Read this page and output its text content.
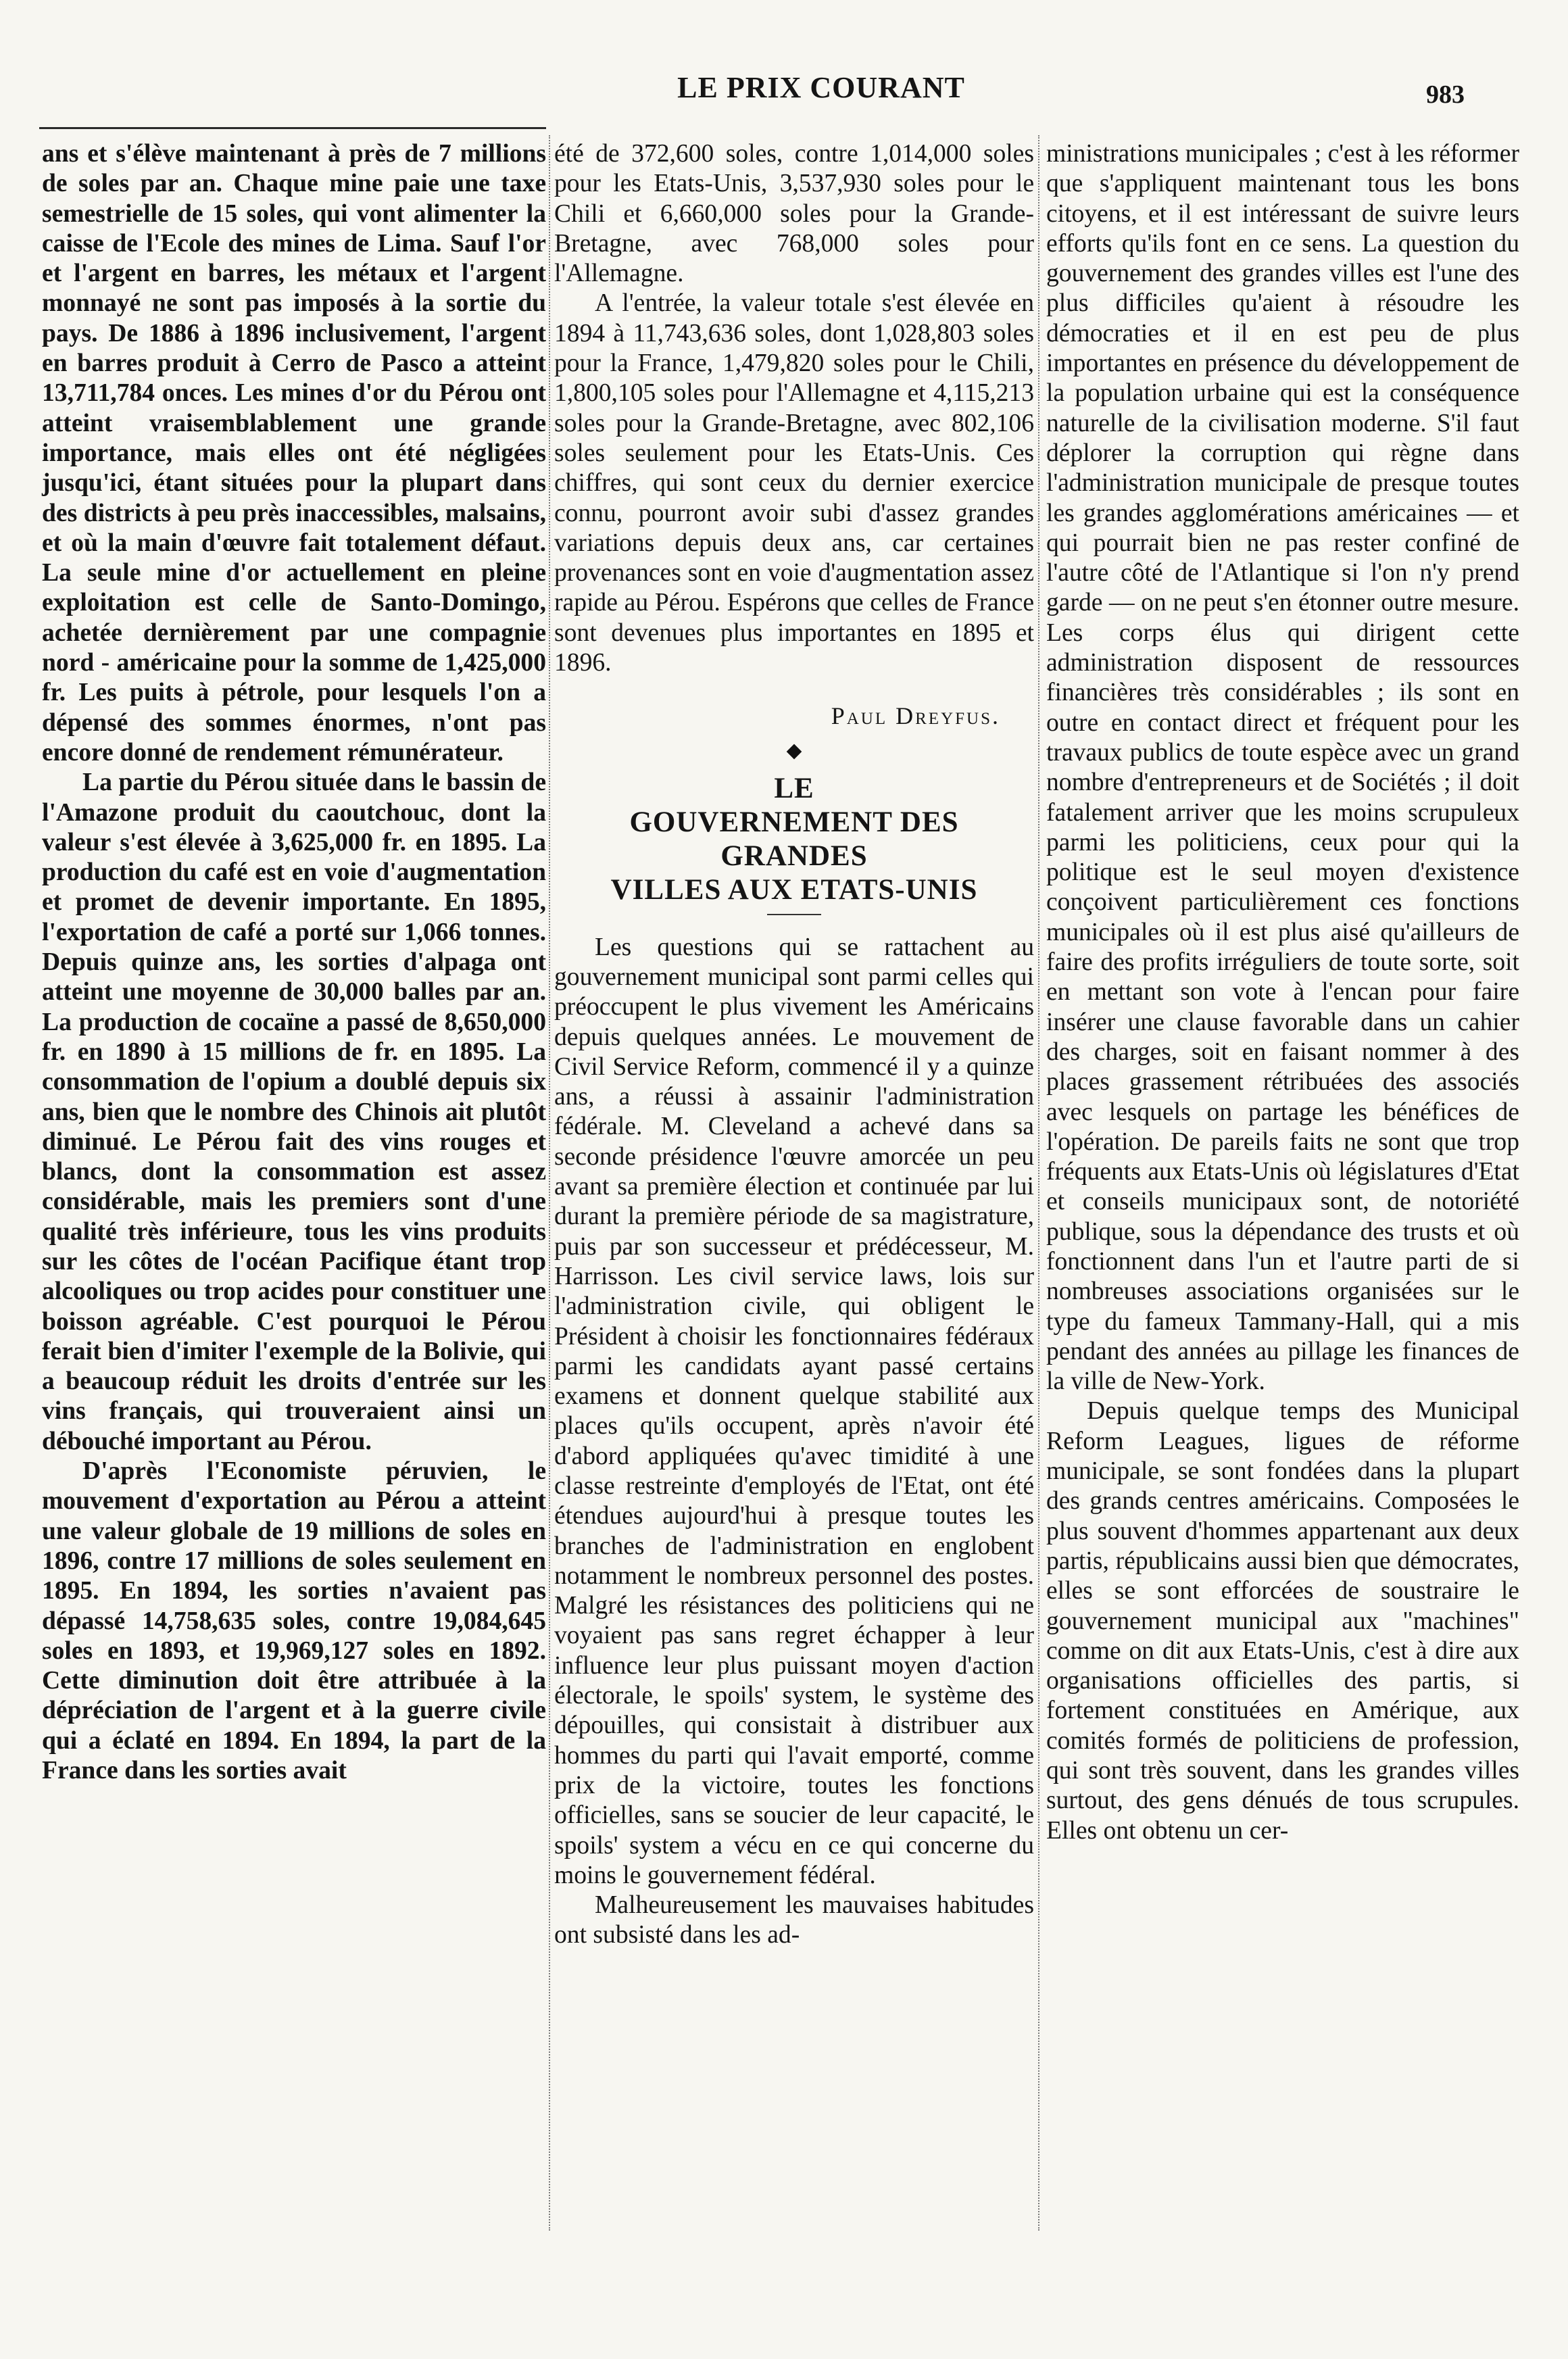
LE PRIX COURANT	983

ans et s'élève maintenant à près de 7 millions de soles par an. Chaque mine paie une taxe semestrielle de 15 soles, qui vont alimenter la caisse de l'Ecole des mines de Lima. Sauf l'or et l'argent en barres, les métaux et l'argent monnayé ne sont pas imposés à la sortie du pays. De 1886 à 1896 inclusivement, l'argent en barres produit à Cerro de Pasco a atteint 13,711,784 onces. Les mines d'or du Pérou ont atteint vraisemblablement une grande importance, mais elles ont été négligées jusqu'ici, étant situées pour la plupart dans des districts à peu près inaccessibles, malsains, et où la main d'œuvre fait totalement défaut. La seule mine d'or actuellement en pleine exploitation est celle de Santo-Domingo, achetée dernièrement par une compagnie nord - américaine pour la somme de 1,425,000 fr. Les puits à pétrole, pour lesquels l'on a dépensé des sommes énormes, n'ont pas encore donné de rendement rémunérateur.

La partie du Pérou située dans le bassin de l'Amazone produit du caoutchouc, dont la valeur s'est élevée à 3,625,000 fr. en 1895. La production du café est en voie d'augmentation et promet de devenir importante. En 1895, l'exportation de café a porté sur 1,066 tonnes. Depuis quinze ans, les sorties d'alpaga ont atteint une moyenne de 30,000 balles par an. La production de cocaïne a passé de 8,650,000 fr. en 1890 à 15 millions de fr. en 1895. La consommation de l'opium a doublé depuis six ans, bien que le nombre des Chinois ait plutôt diminué. Le Pérou fait des vins rouges et blancs, dont la consommation est assez considérable, mais les premiers sont d'une qualité très inférieure, tous les vins produits sur les côtes de l'océan Pacifique étant trop alcooliques ou trop acides pour constituer une boisson agréable. C'est pourquoi le Pérou ferait bien d'imiter l'exemple de la Bolivie, qui a beaucoup réduit les droits d'entrée sur les vins français, qui trouveraient ainsi un débouché important au Pérou.

D'après l'Economiste péruvien, le mouvement d'exportation au Pérou a atteint une valeur globale de 19 millions de soles en 1896, contre 17 millions de soles seulement en 1895. En 1894, les sorties n'avaient pas dépassé 14,758,635 soles, contre 19,084,645 soles en 1893, et 19,969,127 soles en 1892. Cette diminution doit être attribuée à la dépréciation de l'argent et à la guerre civile qui a éclaté en 1894. En 1894, la part de la France dans les sorties avait

été de 372,600 soles, contre 1,014,000 soles pour les Etats-Unis, 3,537,930 soles pour le Chili et 6,660,000 soles pour la Grande-Bretagne, avec 768,000 soles pour l'Allemagne.

A l'entrée, la valeur totale s'est élevée en 1894 à 11,743,636 soles, dont 1,028,803 soles pour la France, 1,479,820 soles pour le Chili, 1,800,105 soles pour l'Allemagne et 4,115,213 soles pour la Grande-Bretagne, avec 802,106 soles seulement pour les Etats-Unis. Ces chiffres, qui sont ceux du dernier exercice connu, pourront avoir subi d'assez grandes variations depuis deux ans, car certaines provenances sont en voie d'augmentation assez rapide au Pérou. Espérons que celles de France sont devenues plus importantes en 1895 et 1896.

Paul Dreyfus.
LE
GOUVERNEMENT DES GRANDES
VILLES AUX ETATS-UNIS

Les questions qui se rattachent au gouvernement municipal sont parmi celles qui préoccupent le plus vivement les Américains depuis quelques années. Le mouvement de Civil Service Reform, commencé il y a quinze ans, a réussi à assainir l'administration fédérale. M. Cleveland a achevé dans sa seconde présidence l'œuvre amorcée un peu avant sa première élection et continuée par lui durant la première période de sa magistrature, puis par son successeur et prédécesseur, M. Harrisson. Les civil service laws, lois sur l'administration civile, qui obligent le Président à choisir les fonctionnaires fédéraux parmi les candidats ayant passé certains examens et donnent quelque stabilité aux places qu'ils occupent, après n'avoir été d'abord appliquées qu'avec timidité à une classe restreinte d'employés de l'Etat, ont été étendues aujourd'hui à presque toutes les branches de l'administration en englobent notamment le nombreux personnel des postes. Malgré les résistances des politiciens qui ne voyaient pas sans regret échapper à leur influence leur plus puissant moyen d'action électorale, le spoils' system, le système des dépouilles, qui consistait à distribuer aux hommes du parti qui l'avait emporté, comme prix de la victoire, toutes les fonctions officielles, sans se soucier de leur capacité, le spoils' system a vécu en ce qui concerne du moins le gouvernement fédéral.

Malheureusement les mauvaises habitudes ont subsisté dans les ad-

ministrations municipales ; c'est à les réformer que s'appliquent maintenant tous les bons citoyens, et il est intéressant de suivre leurs efforts qu'ils font en ce sens. La question du gouvernement des grandes villes est l'une des plus difficiles qu'aient à résoudre les démocraties et il en est peu de plus importantes en présence du développement de la population urbaine qui est la conséquence naturelle de la civilisation moderne. S'il faut déplorer la corruption qui règne dans l'administration municipale de presque toutes les grandes agglomérations américaines — et qui pourrait bien ne pas rester confiné de l'autre côté de l'Atlantique si l'on n'y prend garde — on ne peut s'en étonner outre mesure. Les corps élus qui dirigent cette administration disposent de ressources financières très considérables ; ils sont en outre en contact direct et fréquent pour les travaux publics de toute espèce avec un grand nombre d'entrepreneurs et de Sociétés ; il doit fatalement arriver que les moins scrupuleux parmi les politiciens, ceux pour qui la politique est le seul moyen d'existence conçoivent particulièrement ces fonctions municipales où il est plus aisé qu'ailleurs de faire des profits irréguliers de toute sorte, soit en mettant son vote à l'encan pour faire insérer une clause favorable dans un cahier des charges, soit en faisant nommer à des places grassement rétribuées des associés avec lesquels on partage les bénéfices de l'opération. De pareils faits ne sont que trop fréquents aux Etats-Unis où législatures d'Etat et conseils municipaux sont, de notoriété publique, sous la dépendance des trusts et où fonctionnent dans l'un et l'autre parti de si nombreuses associations organisées sur le type du fameux Tammany-Hall, qui a mis pendant des années au pillage les finances de la ville de New-York.

Depuis quelque temps des Municipal Reform Leagues, ligues de réforme municipale, se sont fondées dans la plupart des grands centres américains. Composées le plus souvent d'hommes appartenant aux deux partis, républicains aussi bien que démocrates, elles se sont efforcées de soustraire le gouvernement municipal aux "machines" comme on dit aux Etats-Unis, c'est à dire aux organisations officielles des partis, si fortement constituées en Amérique, aux comités formés de politiciens de profession, qui sont très souvent, dans les grandes villes surtout, des gens dénués de tous scrupules. Elles ont obtenu un cer-
